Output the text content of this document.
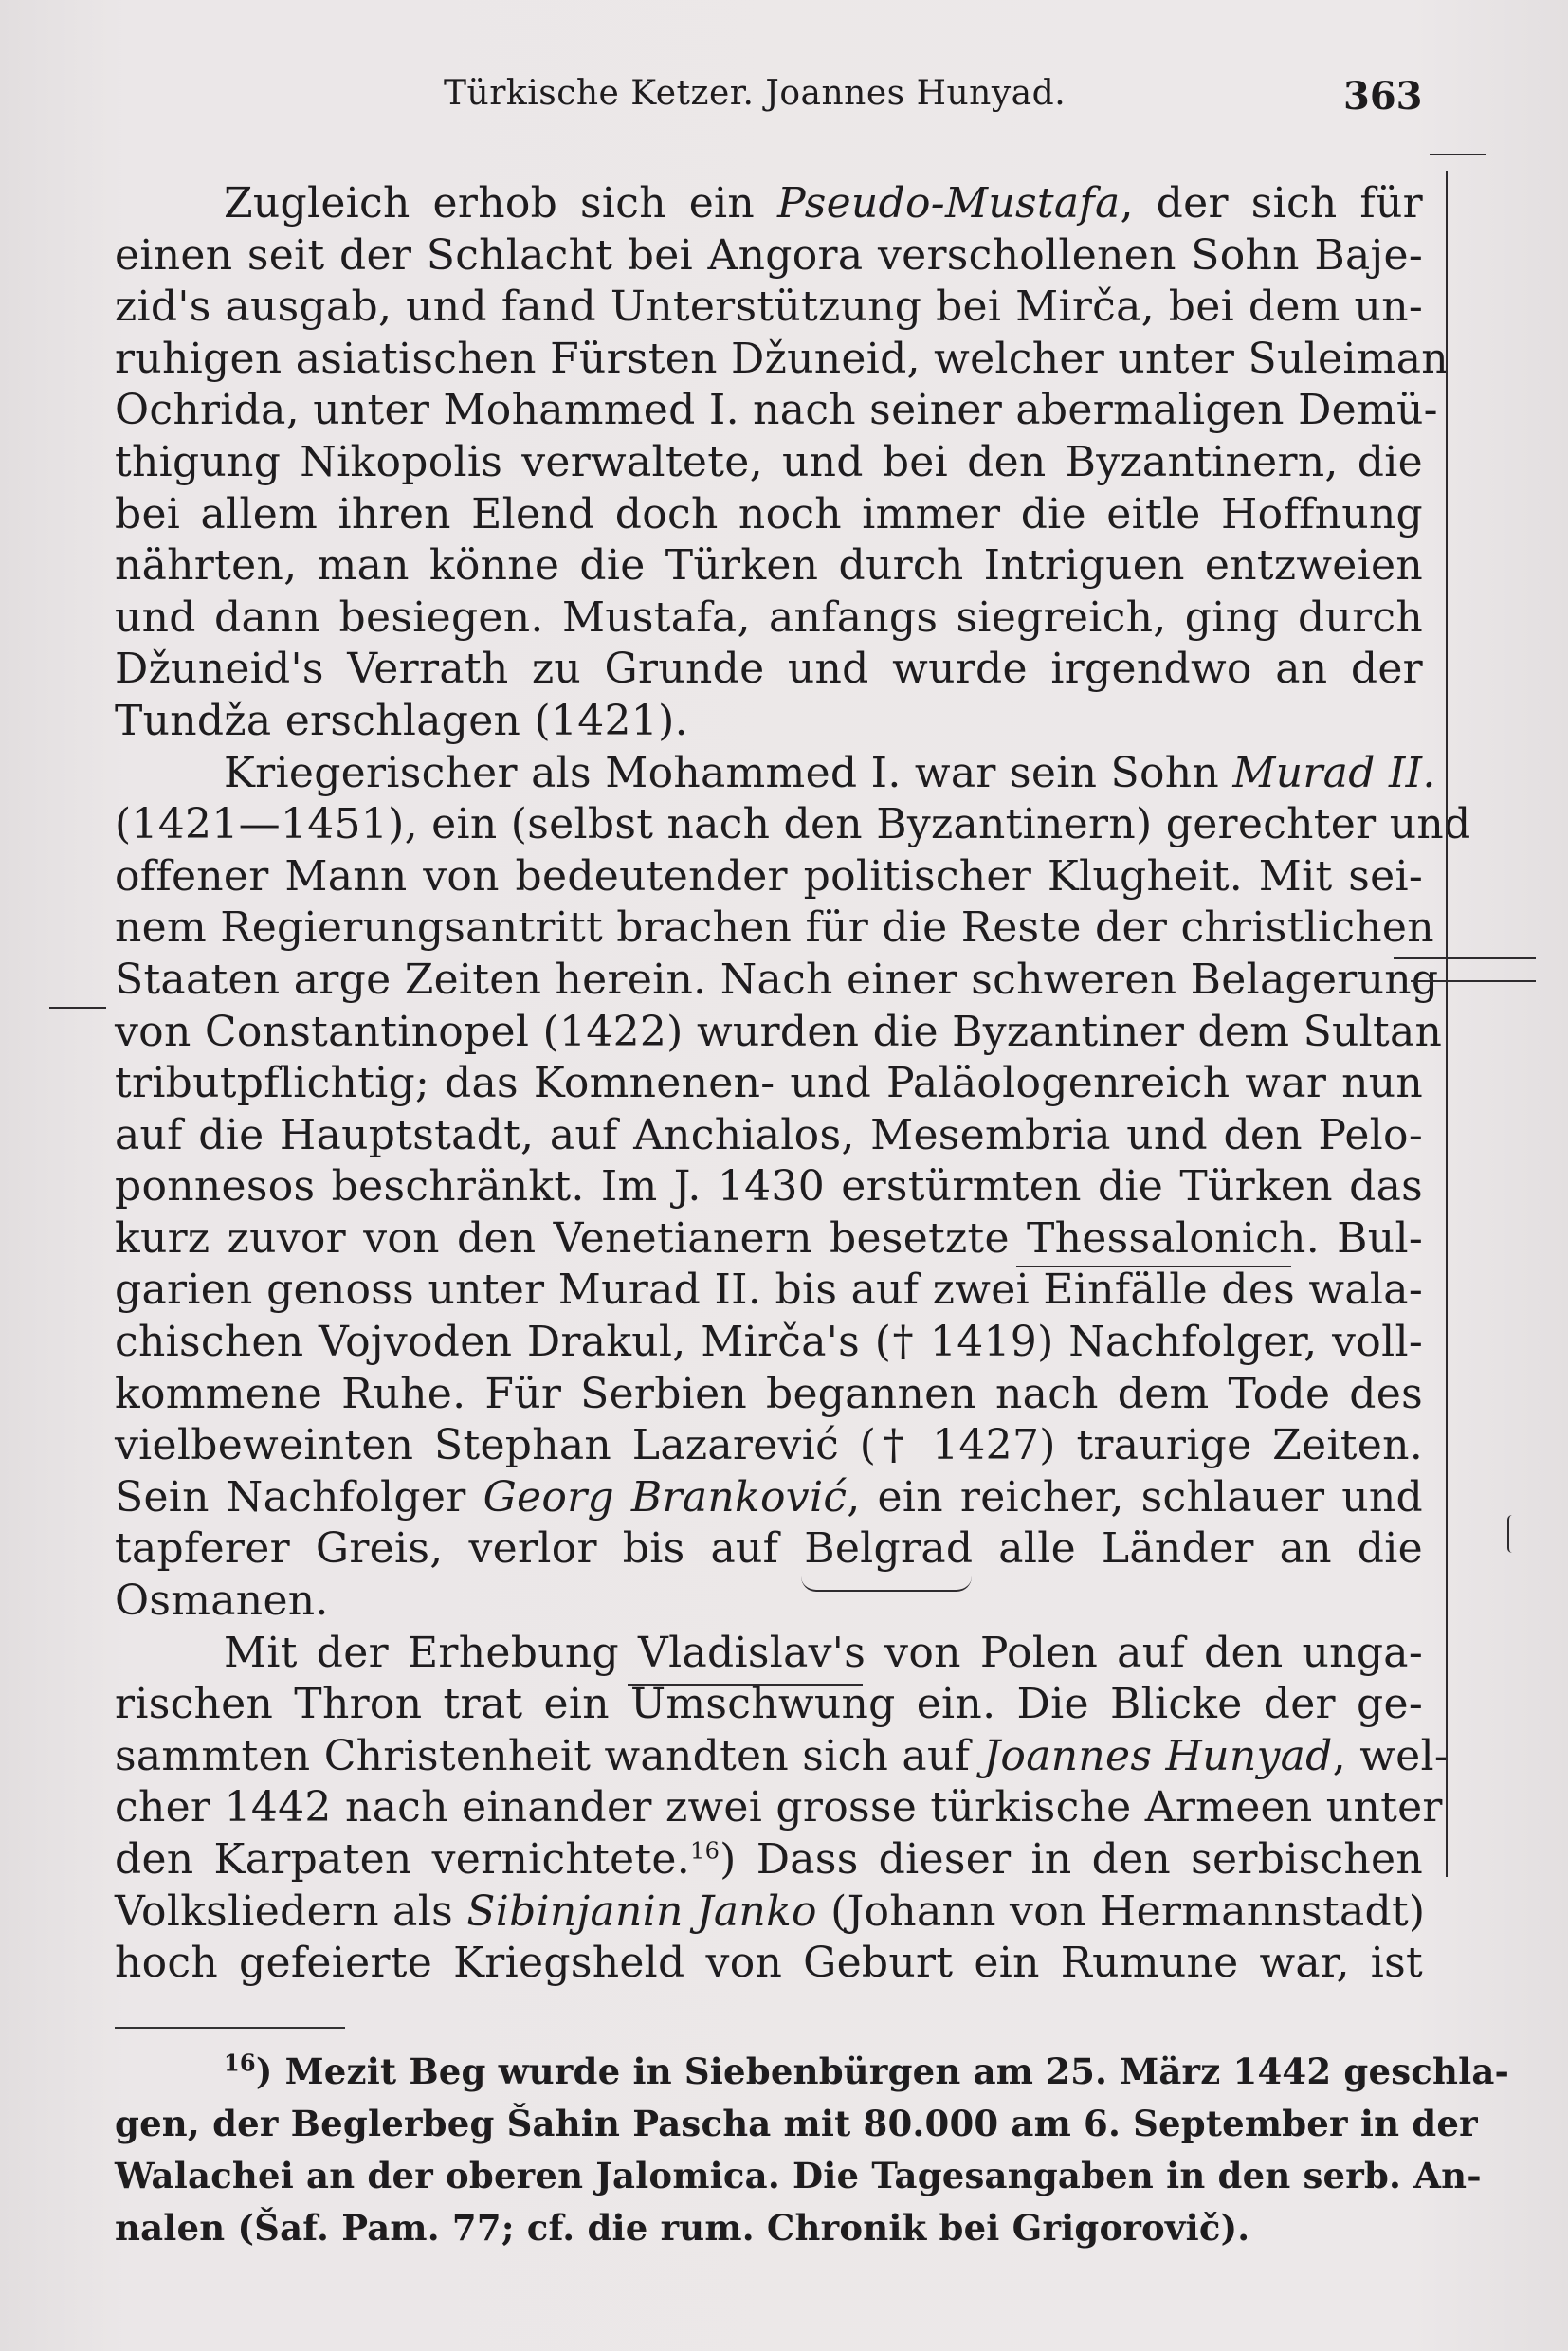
Türkische Ketzer. Joannes Hunyad.	363
Zugleich erhob sich ein Pseudo-Mustafa, der sich für
einen seit der Schlacht bei Angora verschollenen Sohn Baje-
zid's ausgab, und fand Unterstützung bei Mirča, bei dem un-
ruhigen asiatischen Fürsten Džuneid, welcher unter Suleiman
Ochrida, unter Mohammed I. nach seiner abermaligen Demü-
thigung Nikopolis verwaltete, und bei den Byzantinern, die
bei allem ihren Elend doch noch immer die eitle Hoffnung
nährten, man könne die Türken durch Intriguen entzweien
und dann besiegen. Mustafa, anfangs siegreich, ging durch
Džuneid's Verrath zu Grunde und wurde irgendwo an der
Tundža erschlagen (1421).
Kriegerischer als Mohammed I. war sein Sohn Murad II.
(1421—1451), ein (selbst nach den Byzantinern) gerechter und
offener Mann von bedeutender politischer Klugheit. Mit sei-
nem Regierungsantritt brachen für die Reste der christlichen
Staaten arge Zeiten herein. Nach einer schweren Belagerung
von Constantinopel (1422) wurden die Byzantiner dem Sultan
tributpflichtig; das Komnenen- und Paläologenreich war nun
auf die Hauptstadt, auf Anchialos, Mesembria und den Pelo-
ponnesos beschränkt. Im J. 1430 erstürmten die Türken das
kurz zuvor von den Venetianern besetzte Thessalonich. Bul-
garien genoss unter Murad II. bis auf zwei Einfälle des wala-
chischen Vojvoden Drakul, Mirča's († 1419) Nachfolger, voll-
kommene Ruhe. Für Serbien begannen nach dem Tode des
vielbeweinten Stephan Lazarević († 1427) traurige Zeiten.
Sein Nachfolger Georg Branković, ein reicher, schlauer und
tapferer Greis, verlor bis auf Belgrad alle Länder an die
Osmanen.
Mit der Erhebung Vladislav's von Polen auf den unga-
rischen Thron trat ein Umschwung ein. Die Blicke der ge-
sammten Christenheit wandten sich auf Joannes Hunyad, wel-
cher 1442 nach einander zwei grosse türkische Armeen unter
den Karpaten vernichtete.$^{16}$) Dass dieser in den serbischen
Volksliedern als Sibinjanin Janko (Johann von Hermannstadt)
hoch gefeierte Kriegsheld von Geburt ein Rumune war, ist
$^{16}$) Mezit Beg wurde in Siebenbürgen am 25. März 1442 geschla-
gen, der Beglerbeg Šahin Pascha mit 80.000 am 6. September in der
Walachei an der oberen Jalomica. Die Tagesangaben in den serb. An-
nalen (Šaf. Pam. 77; cf. die rum. Chronik bei Grigorovič).
